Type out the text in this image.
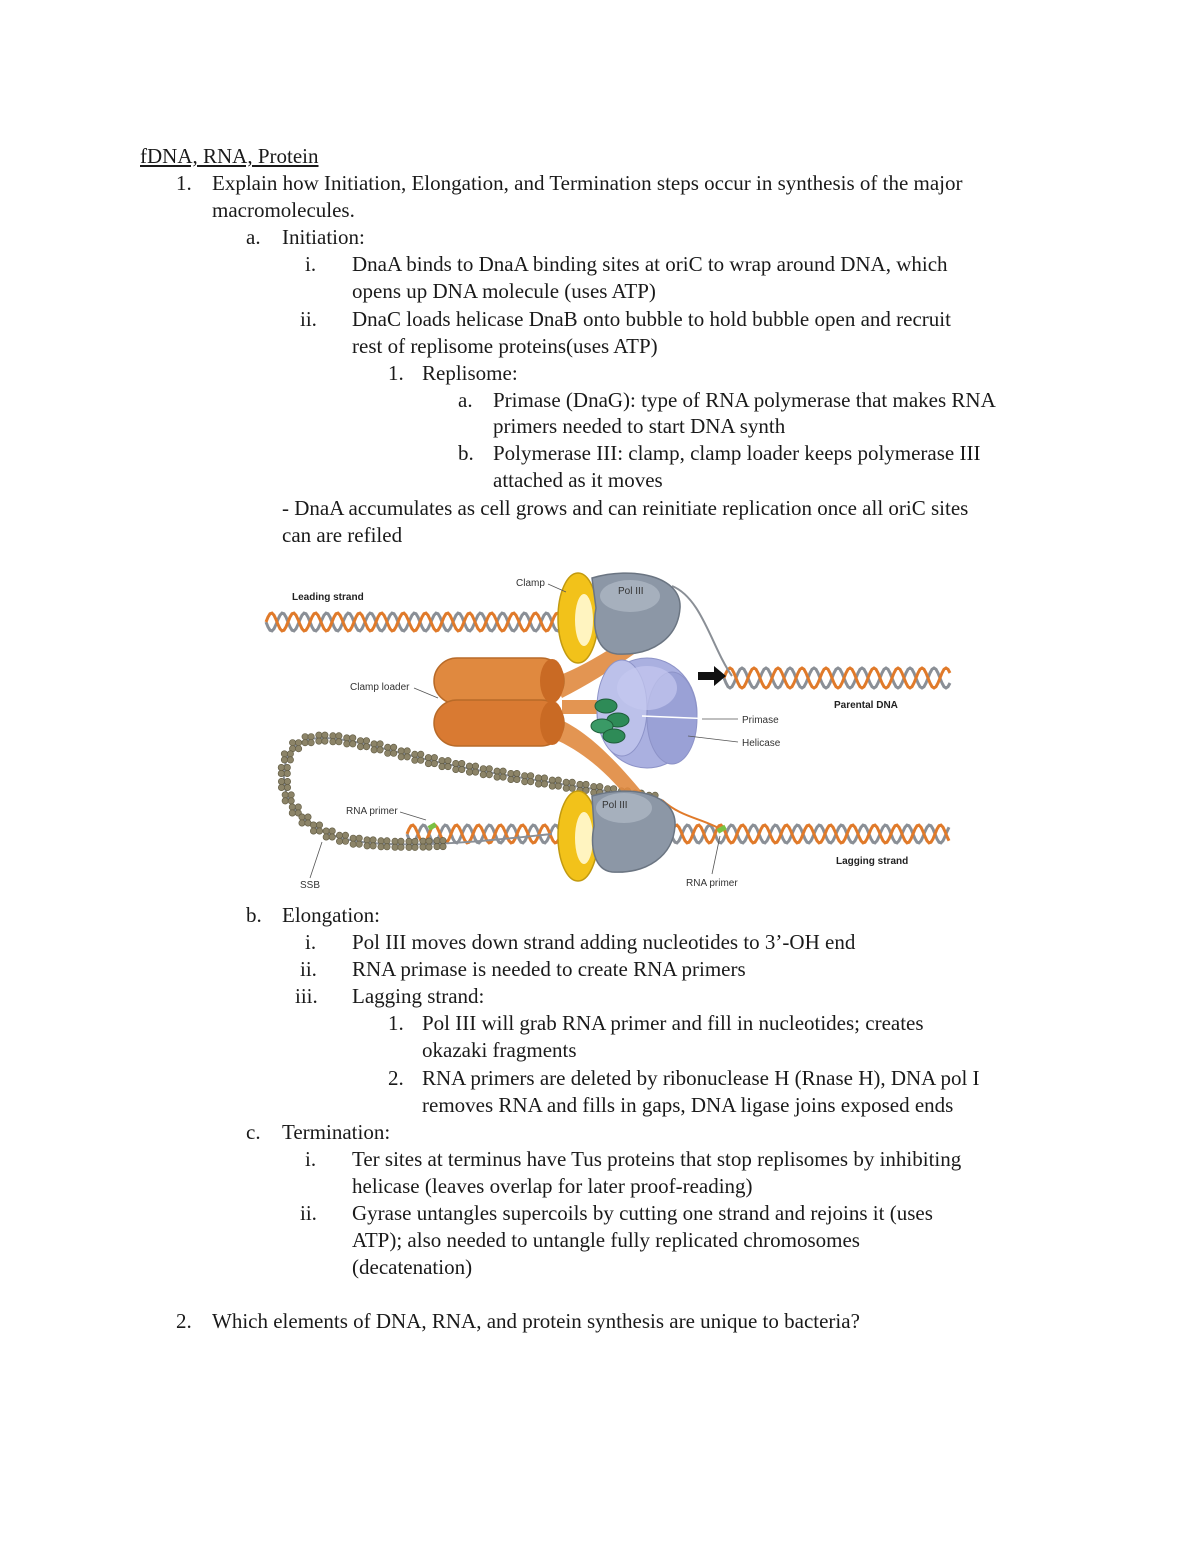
fDNA, RNA, Protein
1. Explain how Initiation, Elongation, and Termination steps occur in synthesis of the major
macromolecules.
a. Initiation:
i. DnaA binds to DnaA binding sites at oriC to wrap around DNA, which
opens up DNA molecule (uses ATP)
ii. DnaC loads helicase DnaB onto bubble to hold bubble open and recruit
rest of replisome proteins(uses ATP)
1. Replisome:
a. Primase (DnaG): type of RNA polymerase that makes RNA
primers needed to start DNA synth
b. Polymerase III: clamp, clamp loader keeps polymerase III
attached as it moves
- DnaA accumulates as cell grows and can reinitiate replication once all oriC sites
can are refiled
Leading strand
Clamp
Pol III
Clamp loader
Parental DNA
Primase
Helicase
Pol III
RNA primer
Lagging strand
SSB	RNA primer
b. Elongation:
i. Pol III moves down strand adding nucleotides to 3’-OH end
ii. RNA primase is needed to create RNA primers
iii. Lagging strand:
1. Pol III will grab RNA primer and fill in nucleotides; creates
okazaki fragments
2. RNA primers are deleted by ribonuclease H (Rnase H), DNA pol I
removes RNA and fills in gaps, DNA ligase joins exposed ends
c. Termination:
i. Ter sites at terminus have Tus proteins that stop replisomes by inhibiting
helicase (leaves overlap for later proof-reading)
ii. Gyrase untangles supercoils by cutting one strand and rejoins it (uses
ATP); also needed to untangle fully replicated chromosomes
(decatenation)
2. Which elements of DNA, RNA, and protein synthesis are unique to bacteria?
